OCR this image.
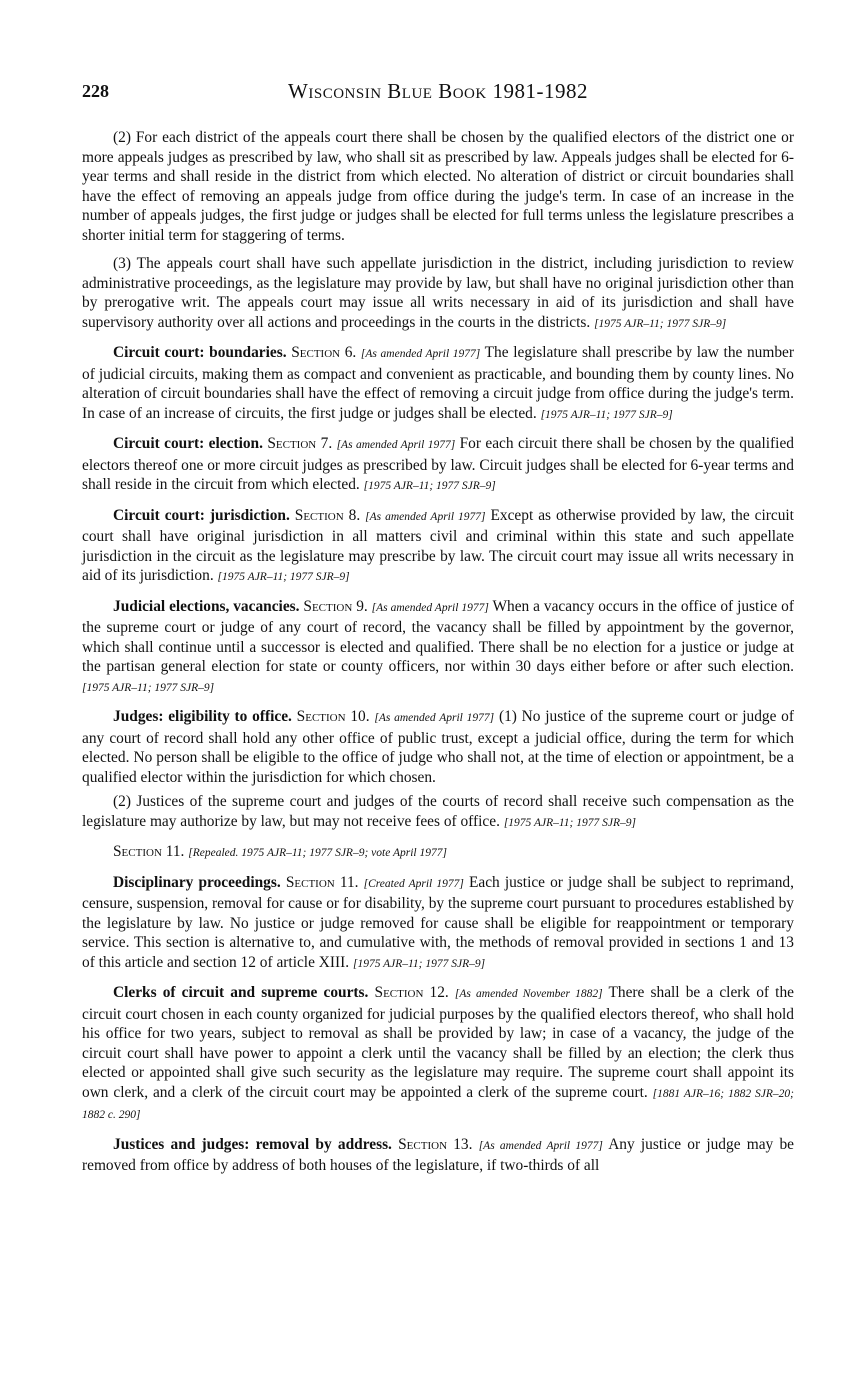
228	Wisconsin Blue Book 1981-1982

(2) For each district of the appeals court there shall be chosen by the qualified electors of the district one or more appeals judges as prescribed by law, who shall sit as prescribed by law. Appeals judges shall be elected for 6-year terms and shall reside in the district from which elected. No alteration of district or circuit boundaries shall have the effect of removing an appeals judge from office during the judge's term. In case of an increase in the number of appeals judges, the first judge or judges shall be elected for full terms unless the legislature prescribes a shorter initial term for staggering of terms.

(3) The appeals court shall have such appellate jurisdiction in the district, including jurisdiction to review administrative proceedings, as the legislature may provide by law, but shall have no original jurisdiction other than by prerogative writ. The appeals court may issue all writs necessary in aid of its jurisdiction and shall have supervisory authority over all actions and proceedings in the courts in the districts. [1975 AJR–11; 1977 SJR–9]

Circuit court: boundaries. Section 6. [As amended April 1977] The legislature shall prescribe by law the number of judicial circuits, making them as compact and convenient as practicable, and bounding them by county lines. No alteration of circuit boundaries shall have the effect of removing a circuit judge from office during the judge's term. In case of an increase of circuits, the first judge or judges shall be elected. [1975 AJR–11; 1977 SJR–9]

Circuit court: election. Section 7. [As amended April 1977] For each circuit there shall be chosen by the qualified electors thereof one or more circuit judges as prescribed by law. Circuit judges shall be elected for 6-year terms and shall reside in the circuit from which elected. [1975 AJR–11; 1977 SJR–9]

Circuit court: jurisdiction. Section 8. [As amended April 1977] Except as otherwise provided by law, the circuit court shall have original jurisdiction in all matters civil and criminal within this state and such appellate jurisdiction in the circuit as the legislature may prescribe by law. The circuit court may issue all writs necessary in aid of its jurisdiction. [1975 AJR–11; 1977 SJR–9]

Judicial elections, vacancies. Section 9. [As amended April 1977] When a vacancy occurs in the office of justice of the supreme court or judge of any court of record, the vacancy shall be filled by appointment by the governor, which shall continue until a successor is elected and qualified. There shall be no election for a justice or judge at the partisan general election for state or county officers, nor within 30 days either before or after such election. [1975 AJR–11; 1977 SJR–9]

Judges: eligibility to office. Section 10. [As amended April 1977] (1) No justice of the supreme court or judge of any court of record shall hold any other office of public trust, except a judicial office, during the term for which elected. No person shall be eligible to the office of judge who shall not, at the time of election or appointment, be a qualified elector within the jurisdiction for which chosen.

(2) Justices of the supreme court and judges of the courts of record shall receive such compensation as the legislature may authorize by law, but may not receive fees of office. [1975 AJR–11; 1977 SJR–9]

Section 11. [Repealed. 1975 AJR–11; 1977 SJR–9; vote April 1977]

Disciplinary proceedings. Section 11. [Created April 1977] Each justice or judge shall be subject to reprimand, censure, suspension, removal for cause or for disability, by the supreme court pursuant to procedures established by the legislature by law. No justice or judge removed for cause shall be eligible for reappointment or temporary service. This section is alternative to, and cumulative with, the methods of removal provided in sections 1 and 13 of this article and section 12 of article XIII. [1975 AJR–11; 1977 SJR–9]

Clerks of circuit and supreme courts. Section 12. [As amended November 1882] There shall be a clerk of the circuit court chosen in each county organized for judicial purposes by the qualified electors thereof, who shall hold his office for two years, subject to removal as shall be provided by law; in case of a vacancy, the judge of the circuit court shall have power to appoint a clerk until the vacancy shall be filled by an election; the clerk thus elected or appointed shall give such security as the legislature may require. The supreme court shall appoint its own clerk, and a clerk of the circuit court may be appointed a clerk of the supreme court. [1881 AJR–16; 1882 SJR–20; 1882 c. 290]

Justices and judges: removal by address. Section 13. [As amended April 1977] Any justice or judge may be removed from office by address of both houses of the legislature, if two-thirds of all
